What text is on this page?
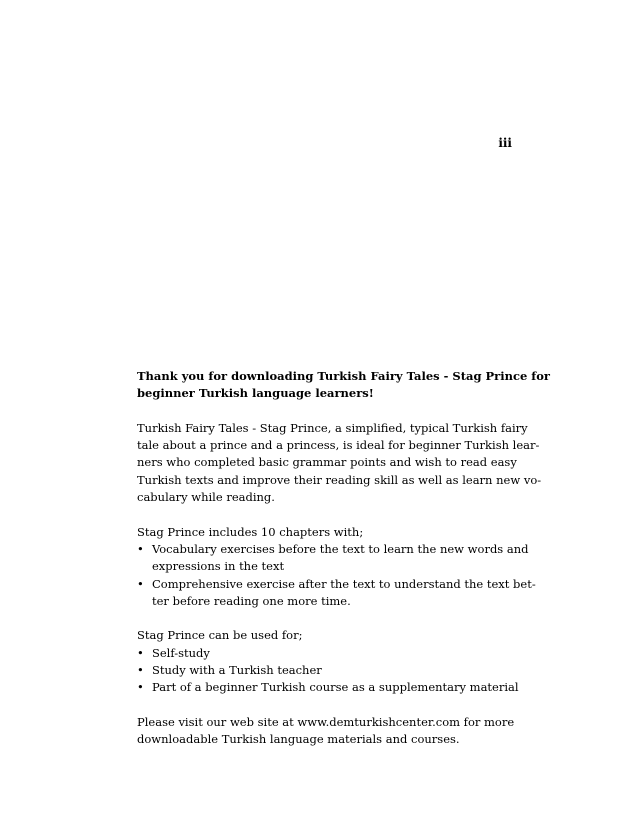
iii

Thank you for downloading Turkish Fairy Tales - Stag Prince for
beginner Turkish language learners!

Turkish Fairy Tales - Stag Prince, a simplified, typical Turkish fairy
tale about a prince and a princess, is ideal for beginner Turkish lear-
ners who completed basic grammar points and wish to read easy
Turkish texts and improve their reading skill as well as learn new vo-
cabulary while reading.

Stag Prince includes 10 chapters with;

• Vocabulary exercises before the text to learn the new words and
expressions in the text
• Comprehensive exercise after the text to understand the text bet-
ter before reading one more time.

Stag Prince can be used for;

• Self-study
• Study with a Turkish teacher
• Part of a beginner Turkish course as a supplementary material

Please visit our web site at www.demturkishcenter.com for more
downloadable Turkish language materials and courses.
